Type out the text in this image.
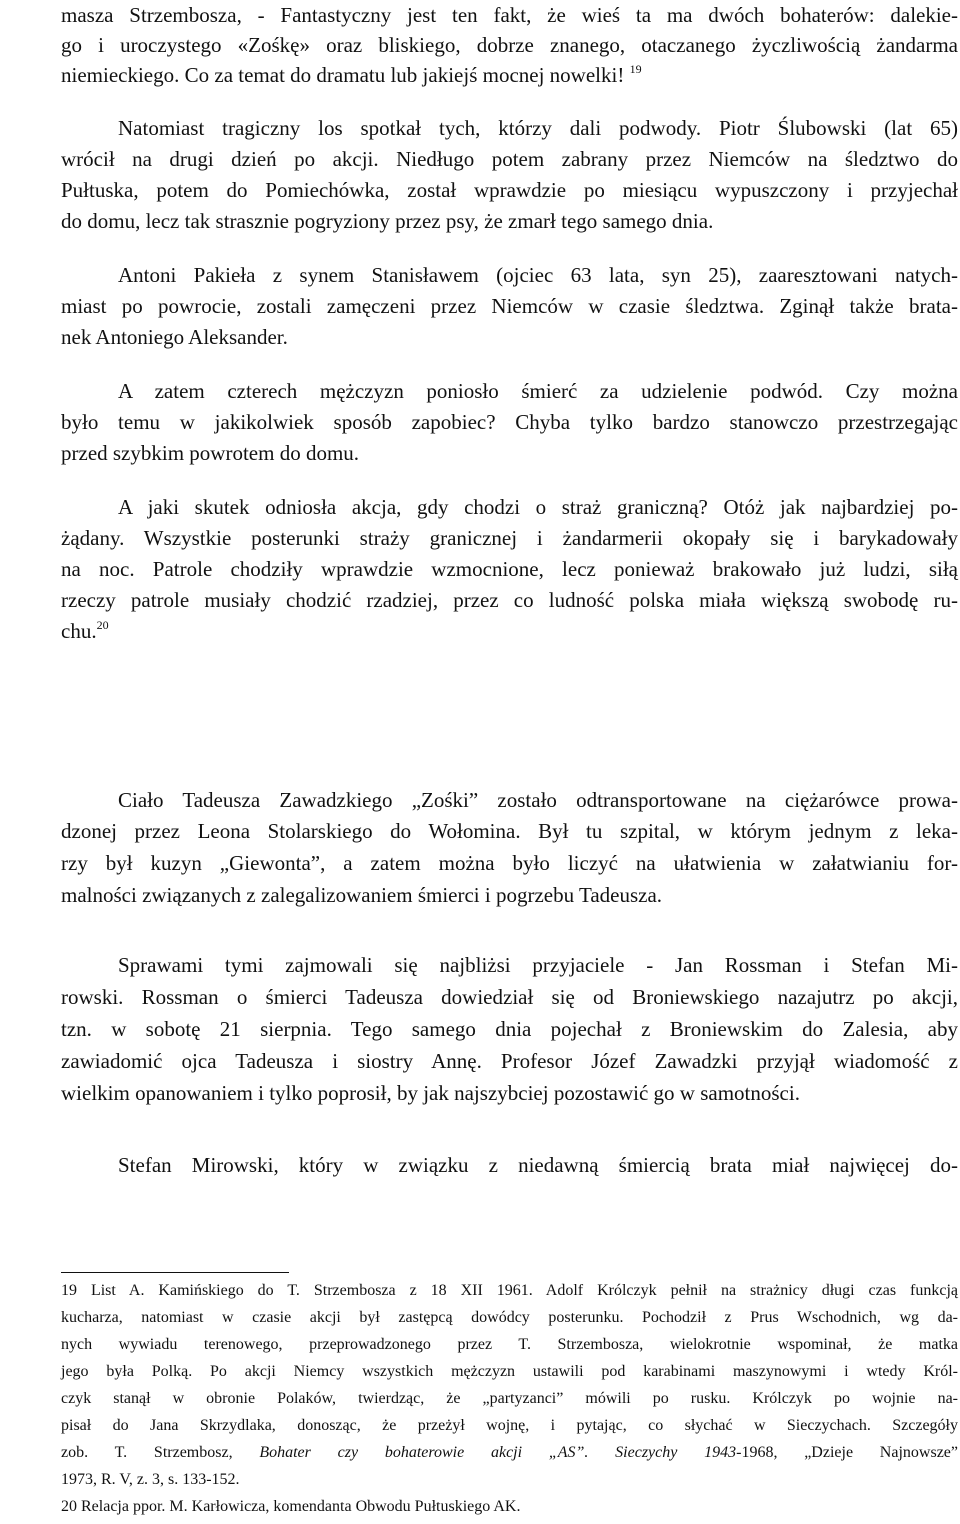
masza Strzembosza, - Fantastyczny jest ten fakt, że wieś ta ma dwóch bohaterów: dalekie-
go i uroczystego «Zośkę» oraz bliskiego, dobrze znanego, otaczanego życzliwością żandarma
niemieckiego. Co za temat do dramatu lub jakiejś mocnej nowelki! $^{19}$
Natomiast tragiczny los spotkał tych, którzy dali podwody. Piotr Ślubowski (lat 65)
wrócił na drugi dzień po akcji. Niedługo potem zabrany przez Niemców na śledztwo do
Pułtuska, potem do Pomiechówka, został wprawdzie po miesiącu wypuszczony i przyjechał
do domu, lecz tak strasznie pogryziony przez psy, że zmarł tego samego dnia.
Antoni Pakieła z synem Stanisławem (ojciec 63 lata, syn 25), zaaresztowani natych-
miast po powrocie, zostali zamęczeni przez Niemców w czasie śledztwa. Zginął także brata-
nek Antoniego Aleksander.
A zatem czterech mężczyzn poniosło śmierć za udzielenie podwód. Czy można
było temu w jakikolwiek sposób zapobiec? Chyba tylko bardzo stanowczo przestrzegając
przed szybkim powrotem do domu.
A jaki skutek odniosła akcja, gdy chodzi o straż graniczną? Otóż jak najbardziej po-
żądany. Wszystkie posterunki straży granicznej i żandarmerii okopały się i barykadowały
na noc. Patrole chodziły wprawdzie wzmocnione, lecz ponieważ brakowało już ludzi, siłą
rzeczy patrole musiały chodzić rzadziej, przez co ludność polska miała większą swobodę ru-
chu.$^{20}$
Ciało Tadeusza Zawadzkiego „Zośki” zostało odtransportowane na ciężarówce prowa-
dzonej przez Leona Stolarskiego do Wołomina. Był tu szpital, w którym jednym z leka-
rzy był kuzyn „Giewonta”, a zatem można było liczyć na ułatwienia w załatwianiu for-
malności związanych z zalegalizowaniem śmierci i pogrzebu Tadeusza.
Sprawami tymi zajmowali się najbliżsi przyjaciele - Jan Rossman i Stefan Mi-
rowski. Rossman o śmierci Tadeusza dowiedział się od Broniewskiego nazajutrz po akcji,
tzn. w sobotę 21 sierpnia. Tego samego dnia pojechał z Broniewskim do Zalesia, aby
zawiadomić ojca Tadeusza i siostry Annę. Profesor Józef Zawadzki przyjął wiadomość z
wielkim opanowaniem i tylko poprosił, by jak najszybciej pozostawić go w samotności.
Stefan Mirowski, który w związku z niedawną śmiercią brata miał najwięcej do-
19 List A. Kamińskiego do T. Strzembosza z 18 XII 1961. Adolf Królczyk pełnił na strażnicy długi czas funkcją
kucharza, natomiast w czasie akcji był zastępcą dowódcy posterunku. Pochodził z Prus Wschodnich, wg da-
nych wywiadu terenowego, przeprowadzonego przez T. Strzembosza, wielokrotnie wspominał, że matka
jego była Polką. Po akcji Niemcy wszystkich mężczyzn ustawili pod karabinami maszynowymi i wtedy Król-
czyk stanął w obronie Polaków, twierdząc, że „partyzanci” mówili po rusku. Królczyk po wojnie na-
pisał do Jana Skrzydlaka, donosząc, że przeżył wojnę, i pytając, co słychać w Sieczychach. Szczegóły
zob. T. Strzembosz, Bohater czy bohaterowie akcji „AS”. Sieczychy 1943-1968, „Dzieje Najnowsze”
1973, R. V, z. 3, s. 133-152.
20 Relacja ppor. M. Karłowicza, komendanta Obwodu Pułtuskiego AK.
